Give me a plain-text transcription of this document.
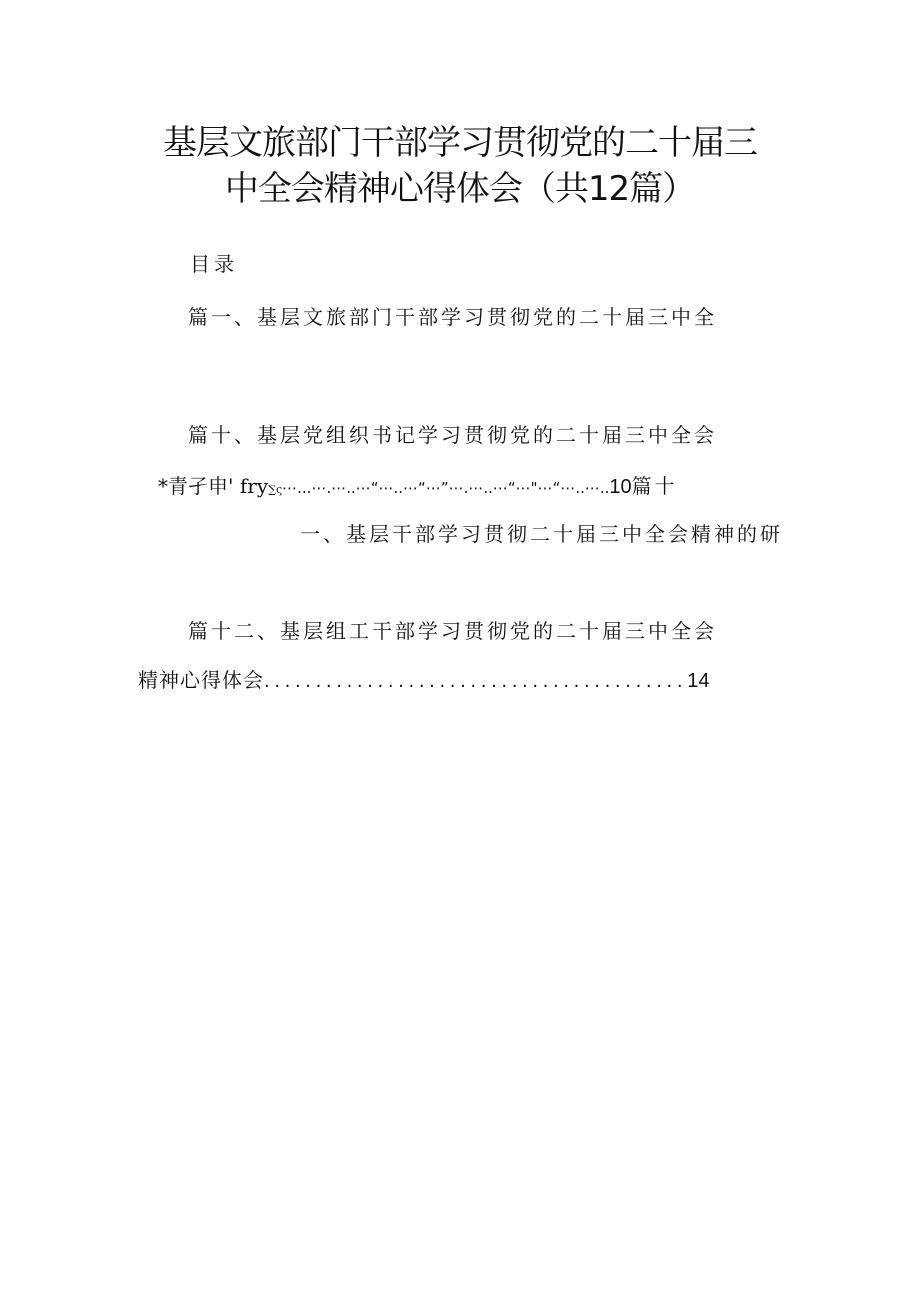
基层文旅部门干部学习贯彻党的二十届三
中全会精神心得体会（共12篇）
目录
篇一、基层文旅部门干部学习贯彻党的二十届三中全
篇十、基层党组织书记学习贯彻党的二十届三中全会
*青孑申' fry∑ς⋯...⋯.⋯..⋯“⋯..⋯“⋯”⋯.⋯..⋯“⋯"⋯“⋯..⋯..10篇十
一、基层干部学习贯彻二十届三中全会精神的研
篇十二、基层组工干部学习贯彻党的二十届三中全会
精神心得体会.........................................14
